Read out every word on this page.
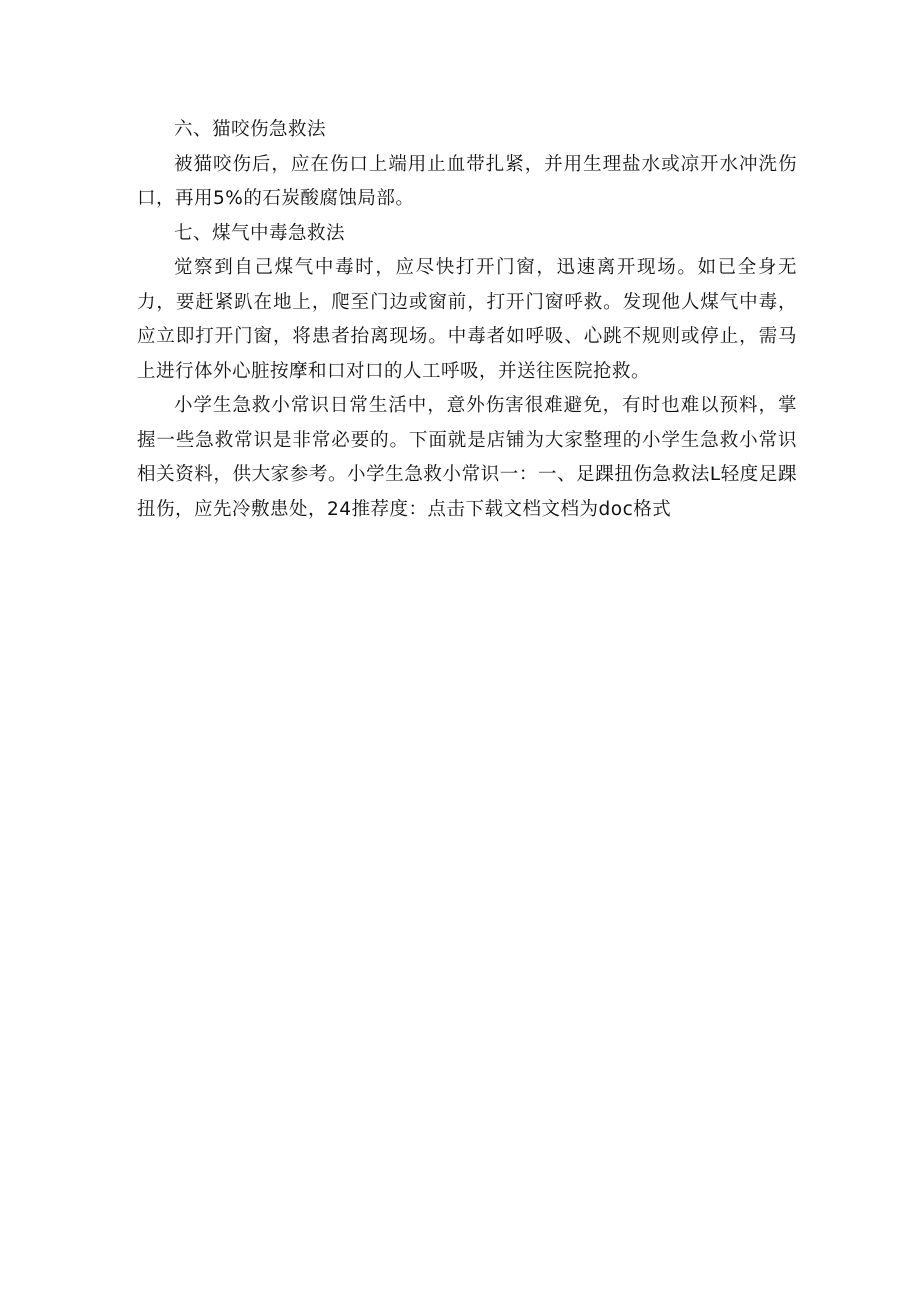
六、猫咬伤急救法

被猫咬伤后，应在伤口上端用止血带扎紧，并用生理盐水或凉开水冲洗伤口，再用5%的石炭酸腐蚀局部。

七、煤气中毒急救法

觉察到自己煤气中毒时，应尽快打开门窗，迅速离开现场。如已全身无力，要赶紧趴在地上，爬至门边或窗前，打开门窗呼救。发现他人煤气中毒，应立即打开门窗，将患者抬离现场。中毒者如呼吸、心跳不规则或停止，需马上进行体外心脏按摩和口对口的人工呼吸，并送往医院抢救。

小学生急救小常识日常生活中，意外伤害很难避免，有时也难以预料，掌握一些急救常识是非常必要的。下面就是店铺为大家整理的小学生急救小常识相关资料，供大家参考。小学生急救小常识一：一、足踝扭伤急救法L轻度足踝扭伤，应先冷敷患处，24推荐度：点击下载文档文档为doc格式
